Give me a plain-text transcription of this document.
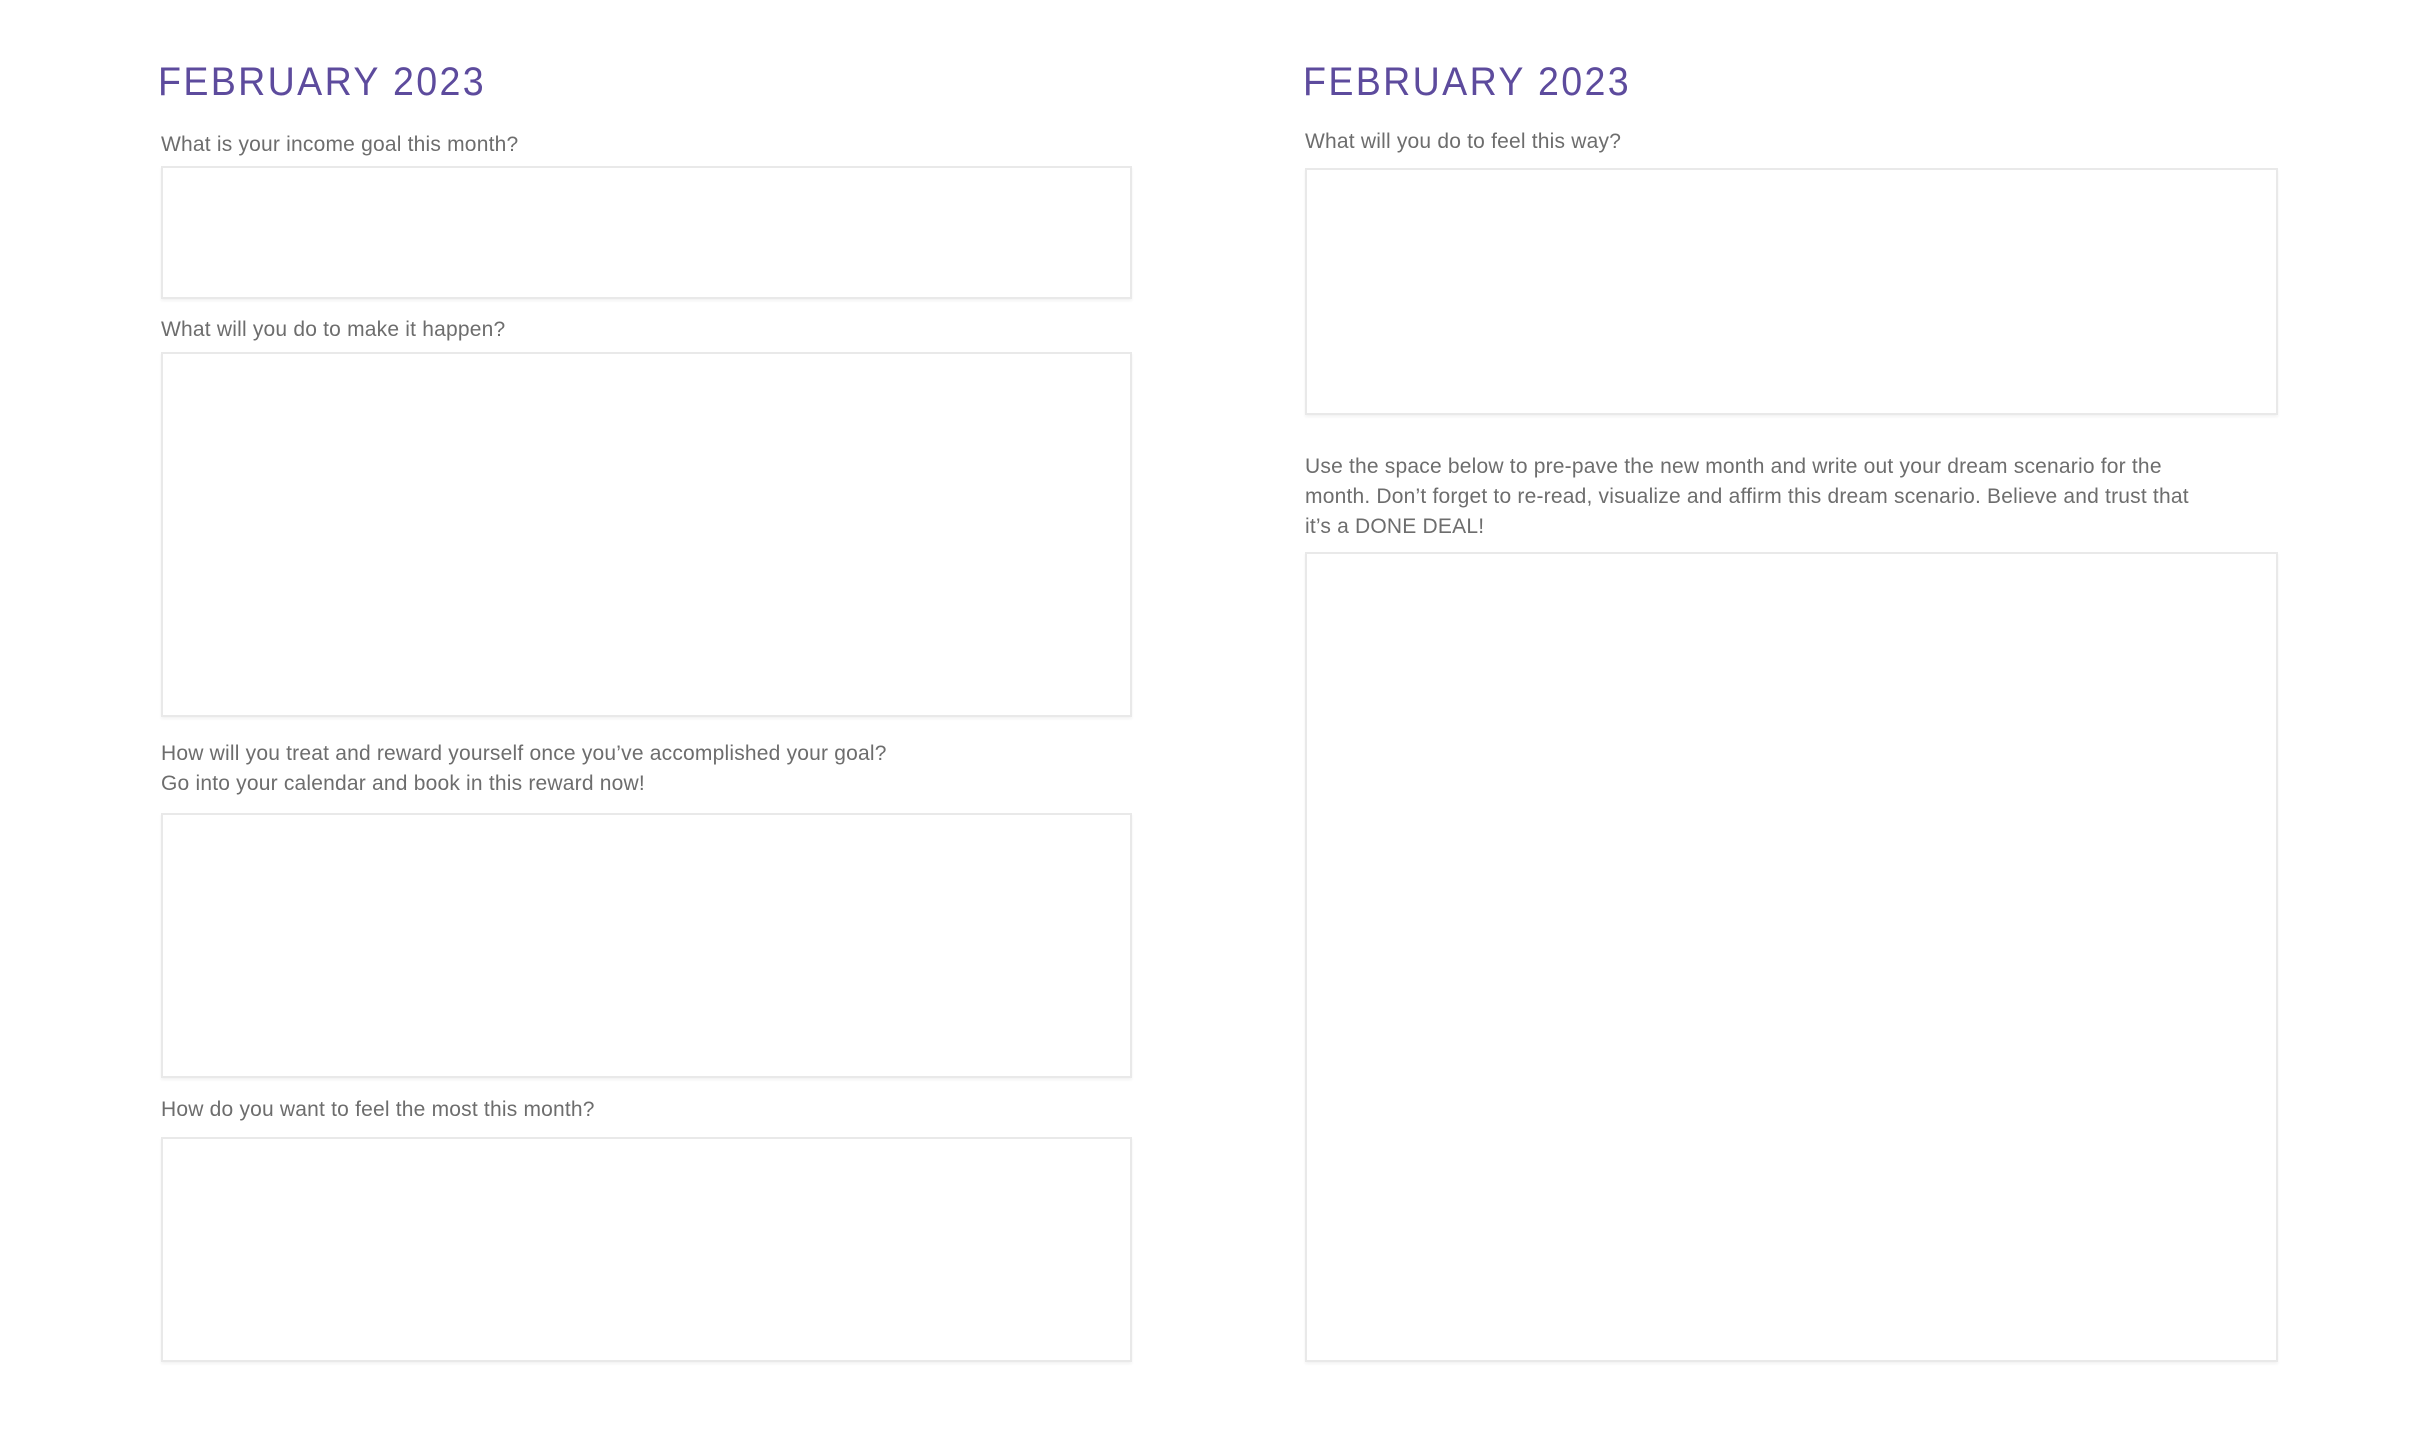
FEBRUARY 2023

What is your income goal this month?

What will you do to make it happen?

How will you treat and reward yourself once you’ve accomplished your goal?
Go into your calendar and book in this reward now!

How do you want to feel the most this month?

FEBRUARY 2023

What will you do to feel this way?

Use the space below to pre-pave the new month and write out your dream scenario for the
month. Don’t forget to re-read, visualize and affirm this dream scenario. Believe and trust that
it’s a DONE DEAL!
